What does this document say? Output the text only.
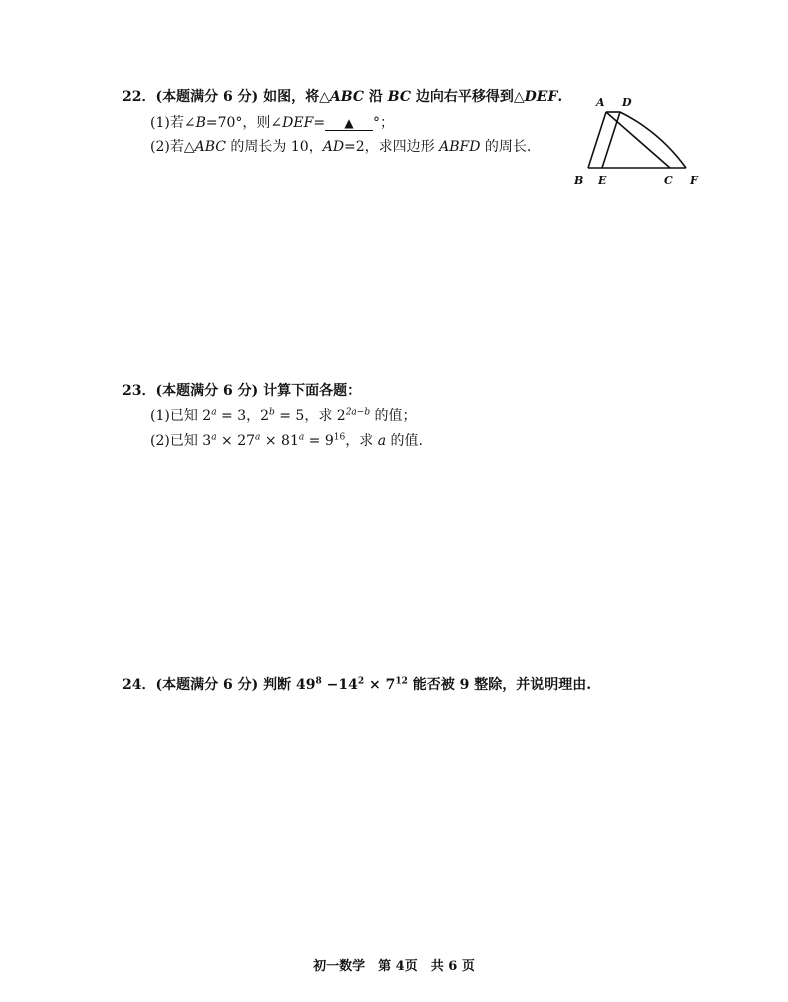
22．(本题满分 6 分) 如图，将△ABC 沿 BC 边向右平移得到△DEF.
(1)若∠B=70°，则∠DEF= ▲ °；
(2)若△ABC 的周长为 10，AD=2，求四边形 ABFD 的周长.
A D
B E	C F
23．(本题满分 6 分) 计算下面各题：
(1)已知 $2^a = 3$，$2^b = 5$，求 $2^{2a-b}$ 的值；
(2)已知 $3^a \times 27^a \times 81^a = 9^{16}$，求 a 的值.
24．(本题满分 6 分) 判断 $49^8 -14^2 \times 7^{12}$ 能否被 9 整除，并说明理由.
初一数学　第 4页　共 6 页
